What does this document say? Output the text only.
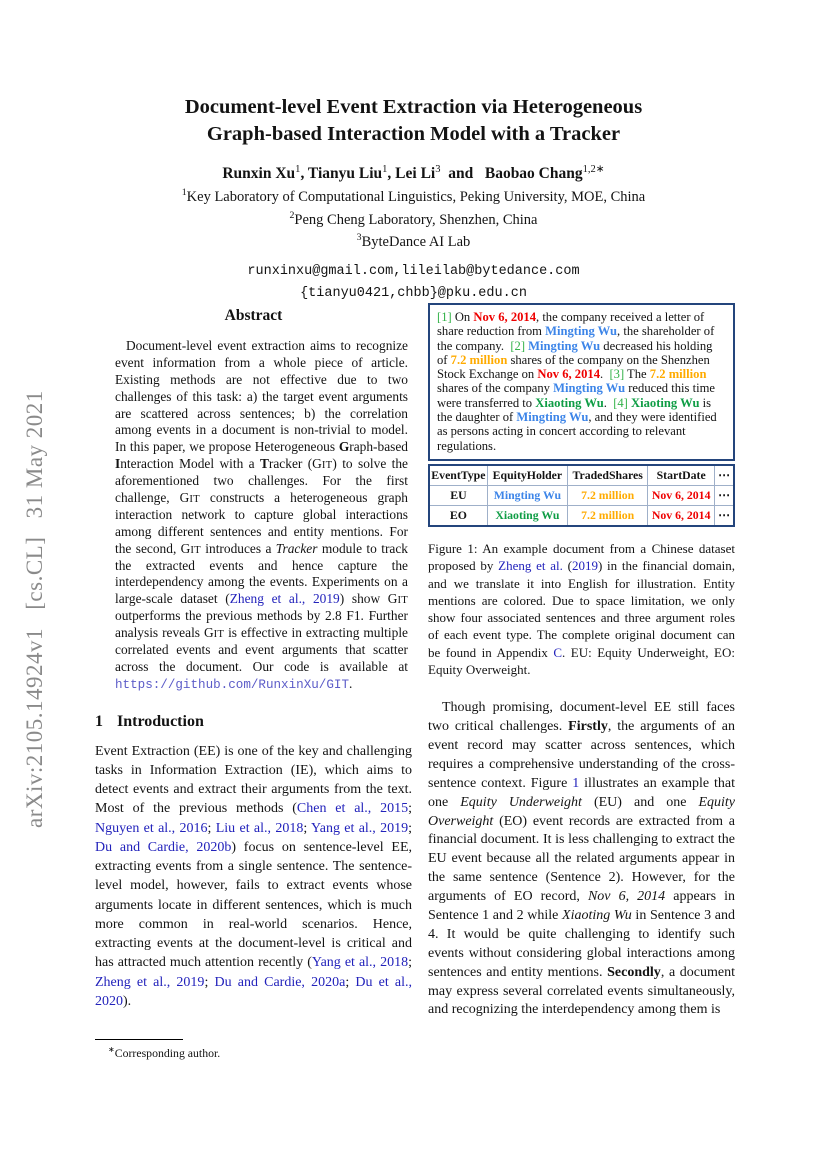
arXiv:2105.14924v1  [cs.CL]  31 May 2021
Document-level Event Extraction via Heterogeneous
Graph-based Interaction Model with a Tracker
Runxin Xu$^1$, Tianyu Liu$^1$, Lei Li$^3$ and  Baobao Chang$^{1,2∗}$
$^1$Key Laboratory of Computational Linguistics, Peking University, MOE, China
$^2$Peng Cheng Laboratory, Shenzhen, China
$^3$ByteDance AI Lab
runxinxu@gmail.com,lileilab@bytedance.com
{tianyu0421,chbb}@pku.edu.cn
Abstract
Document-level event extraction aims to recognize event information from a whole piece of article. Existing methods are not effective due to two challenges of this task: a) the target event arguments are scattered across sentences; b) the correlation among events in a document is non-trivial to model. In this paper, we propose Heterogeneous Graph-based Interaction Model with a Tracker (GIT) to solve the aforementioned two challenges. For the first challenge, GIT constructs a heterogeneous graph interaction network to capture global interactions among different sentences and entity mentions. For the second, GIT introduces a Tracker module to track the extracted events and hence capture the interdependency among the events. Experiments on a large-scale dataset (Zheng et al., 2019) show GIT outperforms the previous methods by 2.8 F1. Further analysis reveals GIT is effective in extracting multiple correlated events and event arguments that scatter across the document. Our code is available at https://github.com/RunxinXu/GIT.
1 Introduction
Event Extraction (EE) is one of the key and challenging tasks in Information Extraction (IE), which aims to detect events and extract their arguments from the text. Most of the previous methods (Chen et al., 2015; Nguyen et al., 2016; Liu et al., 2018; Yang et al., 2019; Du and Cardie, 2020b) focus on sentence-level EE, extracting events from a single sentence. The sentence-level model, however, fails to extract events whose arguments locate in different sentences, which is much more common in real-world scenarios. Hence, extracting events at the document-level is critical and has attracted much attention recently (Yang et al., 2018; Zheng et al., 2019; Du and Cardie, 2020a; Du et al., 2020).
∗Corresponding author.
[1] On Nov 6, 2014, the company received a letter of share reduction from Mingting Wu, the shareholder of the company. [2] Mingting Wu decreased his holding of 7.2 million shares of the company on the Shenzhen Stock Exchange on Nov 6, 2014. [3] The 7.2 million shares of the company Mingting Wu reduced this time were transferred to Xiaoting Wu. [4] Xiaoting Wu is the daughter of Mingting Wu, and they were identified as persons acting in concert according to relevant regulations.
EventType	EquityHolder	TradedShares	StartDate	⋯
EU	Mingting Wu	7.2 million	Nov 6, 2014	⋯
EO	Xiaoting Wu	7.2 million	Nov 6, 2014	⋯
Figure 1: An example document from a Chinese dataset proposed by Zheng et al. (2019) in the financial domain, and we translate it into English for illustration. Entity mentions are colored. Due to space limitation, we only show four associated sentences and three argument roles of each event type. The complete original document can be found in Appendix C. EU: Equity Underweight, EO: Equity Overweight.
Though promising, document-level EE still faces two critical challenges. Firstly, the arguments of an event record may scatter across sentences, which requires a comprehensive understanding of the cross-sentence context. Figure 1 illustrates an example that one Equity Underweight (EU) and one Equity Overweight (EO) event records are extracted from a financial document. It is less challenging to extract the EU event because all the related arguments appear in the same sentence (Sentence 2). However, for the arguments of EO record, Nov 6, 2014 appears in Sentence 1 and 2 while Xiaoting Wu in Sentence 3 and 4. It would be quite challenging to identify such events without considering global interactions among sentences and entity mentions. Secondly, a document may express several correlated events simultaneously, and recognizing the interdependency among them is
